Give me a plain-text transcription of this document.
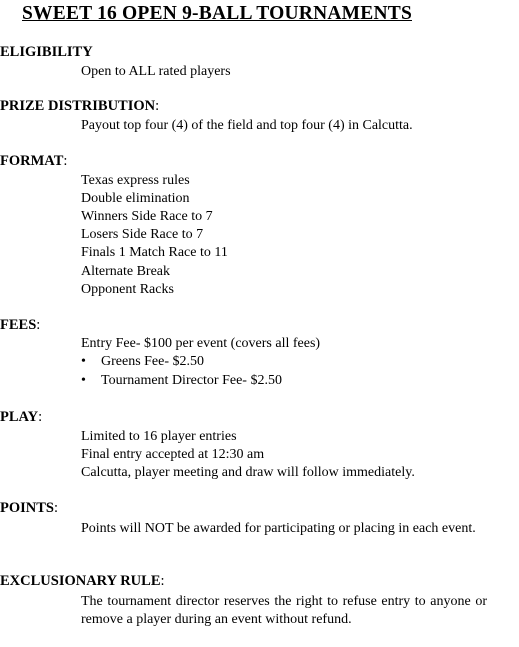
SWEET 16 OPEN 9-BALL TOURNAMENTS
ELIGIBILITY
Open to ALL rated players
PRIZE DISTRIBUTION:
Payout top four (4) of the field and top four (4) in Calcutta.
FORMAT:
Texas express rules
Double elimination
Winners Side Race to 7
Losers Side Race to 7
Finals 1 Match Race to 11
Alternate Break
Opponent Racks
FEES:
Entry Fee- $100 per event (covers all fees)
• Greens Fee- $2.50
• Tournament Director Fee- $2.50
PLAY:
Limited to 16 player entries
Final entry accepted at 12:30 am
Calcutta, player meeting and draw will follow immediately.
POINTS:
Points will NOT be awarded for participating or placing in each event.
EXCLUSIONARY RULE:
The tournament director reserves the right to refuse entry to anyone or remove a player during an event without refund.
